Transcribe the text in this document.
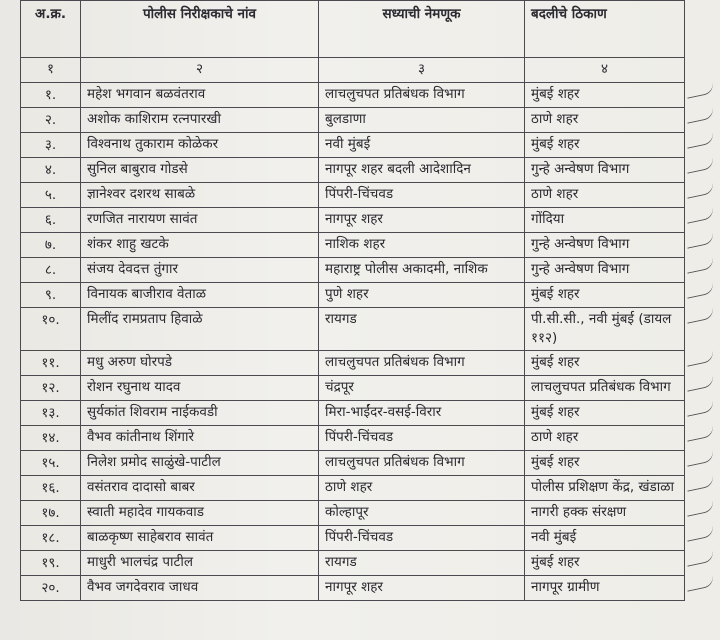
अ.क्र.	पोलीस निरीक्षकाचे नांव	सध्याची नेमणूक	बदलीचे ठिकाण
१	२	३	४
१.	महेश भगवान बळवंतराव	लाचलुचपत प्रतिबंधक विभाग	मुंबई शहर
२.	अशोक काशिराम रत्नपारखी	बुलडाणा	ठाणे शहर
३.	विश्वनाथ तुकाराम कोळेकर	नवी मुंबई	मुंबई शहर
४.	सुनिल बाबुराव गोडसे	नागपूर शहर बदली आदेशादिन	गुन्हे अन्वेषण विभाग
५.	ज्ञानेश्वर दशरथ साबळे	पिंपरी-चिंचवड	ठाणे शहर
६.	रणजित नारायण सावंत	नागपूर शहर	गोंदिया
७.	शंकर शाहु खटके	नाशिक शहर	गुन्हे अन्वेषण विभाग
८.	संजय देवदत्त तुंगार	महाराष्ट्र पोलीस अकादमी, नाशिक	गुन्हे अन्वेषण विभाग
९.	विनायक बाजीराव वेताळ	पुणे शहर	मुंबई शहर
१०.	मिलींद रामप्रताप हिवाळे	रायगड	पी.सी.सी., नवी मुंबई (डायल ११२)
११.	मधु अरुण घोरपडे	लाचलुचपत प्रतिबंधक विभाग	मुंबई शहर
१२.	रोशन रघुनाथ यादव	चंद्रपूर	लाचलुचपत प्रतिबंधक विभाग
१३.	सुर्यकांत शिवराम नाईकवडी	मिरा-भाईंदर-वसई-विरार	मुंबई शहर
१४.	वैभव कांतीनाथ शिंगारे	पिंपरी-चिंचवड	ठाणे शहर
१५.	निलेश प्रमोद साळुंखे-पाटील	लाचलुचपत प्रतिबंधक विभाग	मुंबई शहर
१६.	वसंतराव दादासो बाबर	ठाणे शहर	पोलीस प्रशिक्षण केंद्र, खंडाळा
१७.	स्वाती महादेव गायकवाड	कोल्हापूर	नागरी हक्क संरक्षण
१८.	बाळकृष्ण साहेबराव सावंत	पिंपरी-चिंचवड	नवी मुंबई
१९.	माधुरी भालचंद्र पाटील	रायगड	मुंबई शहर
२०.	वैभव जगदेवराव जाधव	नागपूर शहर	नागपूर ग्रामीण
